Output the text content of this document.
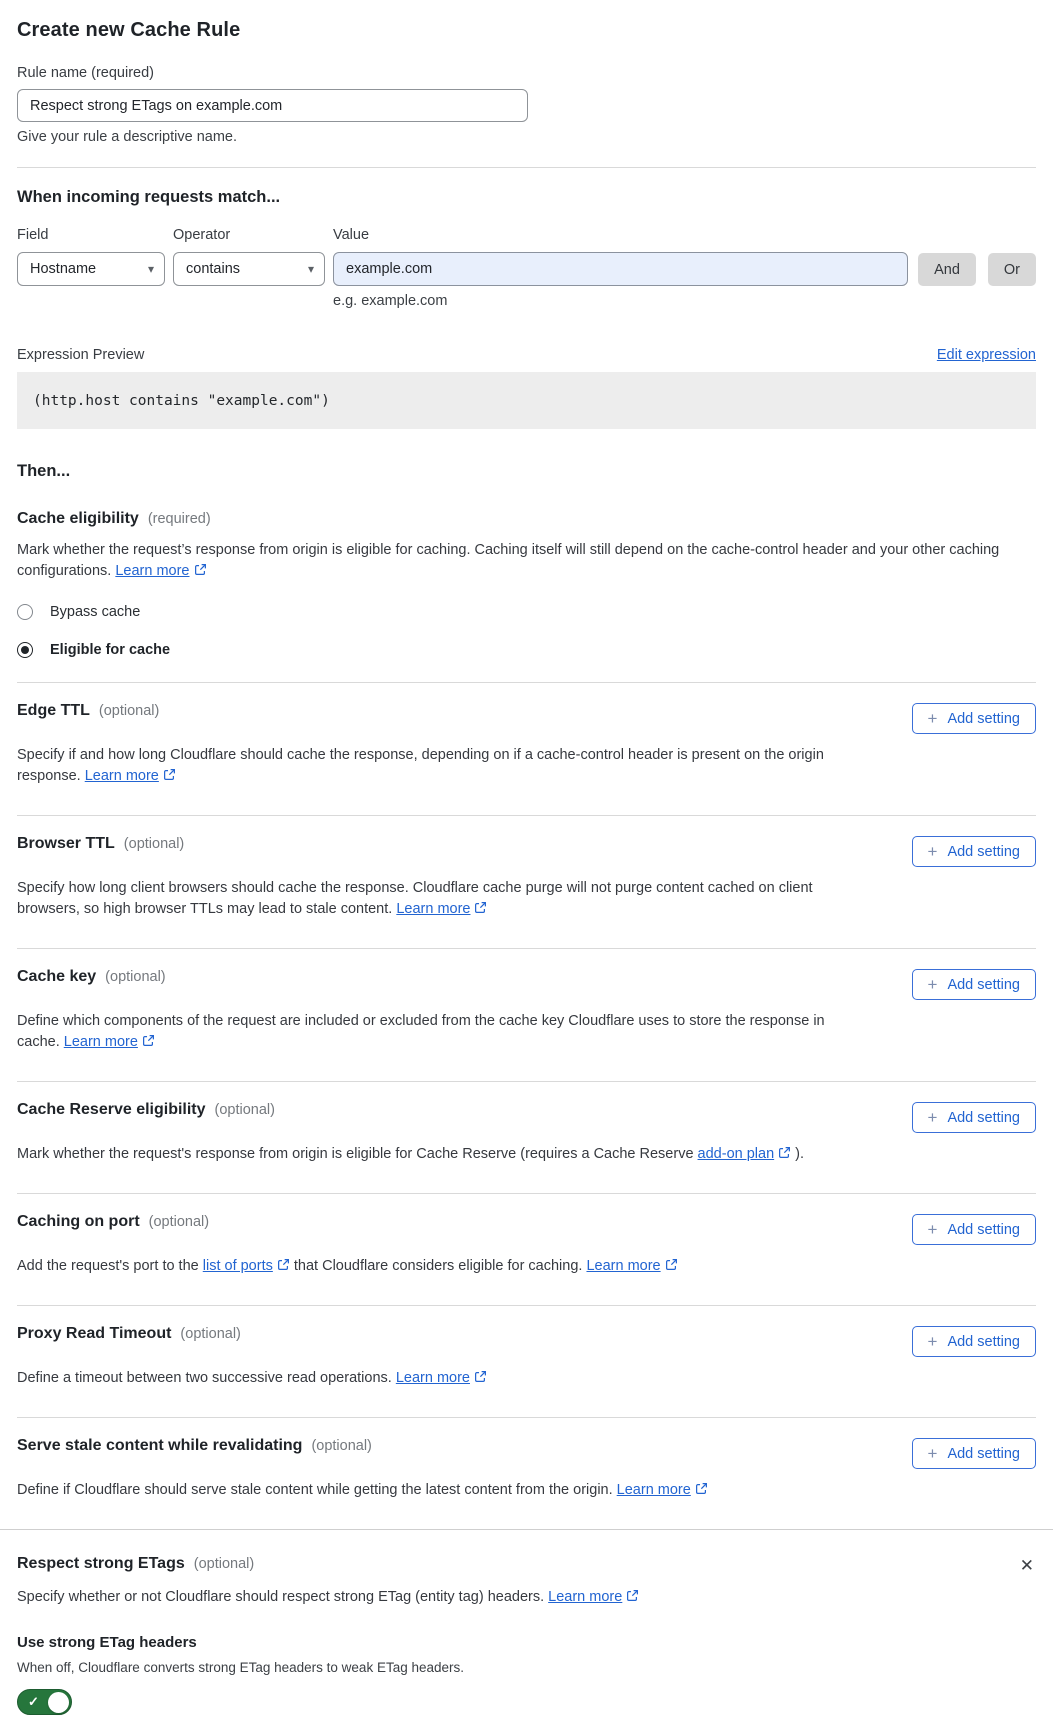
Create new Cache Rule
Rule name (required)
Respect strong ETags on example.com
Give your rule a descriptive name.
When incoming requests match...
Field
Hostname	▾
Operator
contains	▾
Value
example.com
e.g. example.com
And	Or
Expression Preview	Edit expression
(http.host contains "example.com")
Then...
Cache eligibility (required)

Mark whether the request’s response from origin is eligible for caching. Caching itself will still depend on the cache-control header and your other caching configurations. Learn more

Bypass cache
Eligible for cache
Edge TTL (optional)	+ Add setting

Specify if and how long Cloudflare should cache the response, depending on if a cache-control header is present on the origin response. Learn more

Browser TTL (optional)	+ Add setting

Specify how long client browsers should cache the response. Cloudflare cache purge will not purge content cached on client browsers, so high browser TTLs may lead to stale content. Learn more

Cache key (optional)	+ Add setting

Define which components of the request are included or excluded from the cache key Cloudflare uses to store the response in cache. Learn more

Cache Reserve eligibility (optional)	+ Add setting

Mark whether the request's response from origin is eligible for Cache Reserve (requires a Cache Reserve add-on plan ).

Caching on port (optional)	+ Add setting

Add the request's port to the list of ports that Cloudflare considers eligible for caching. Learn more

Proxy Read Timeout (optional)	+ Add setting

Define a timeout between two successive read operations. Learn more

Serve stale content while revalidating (optional)	+ Add setting

Define if Cloudflare should serve stale content while getting the latest content from the origin. Learn more

Respect strong ETags (optional)	✕

Specify whether or not Cloudflare should respect strong ETag (entity tag) headers. Learn more

Use strong ETag headers
When off, Cloudflare converts strong ETag headers to weak ETag headers.
✓
